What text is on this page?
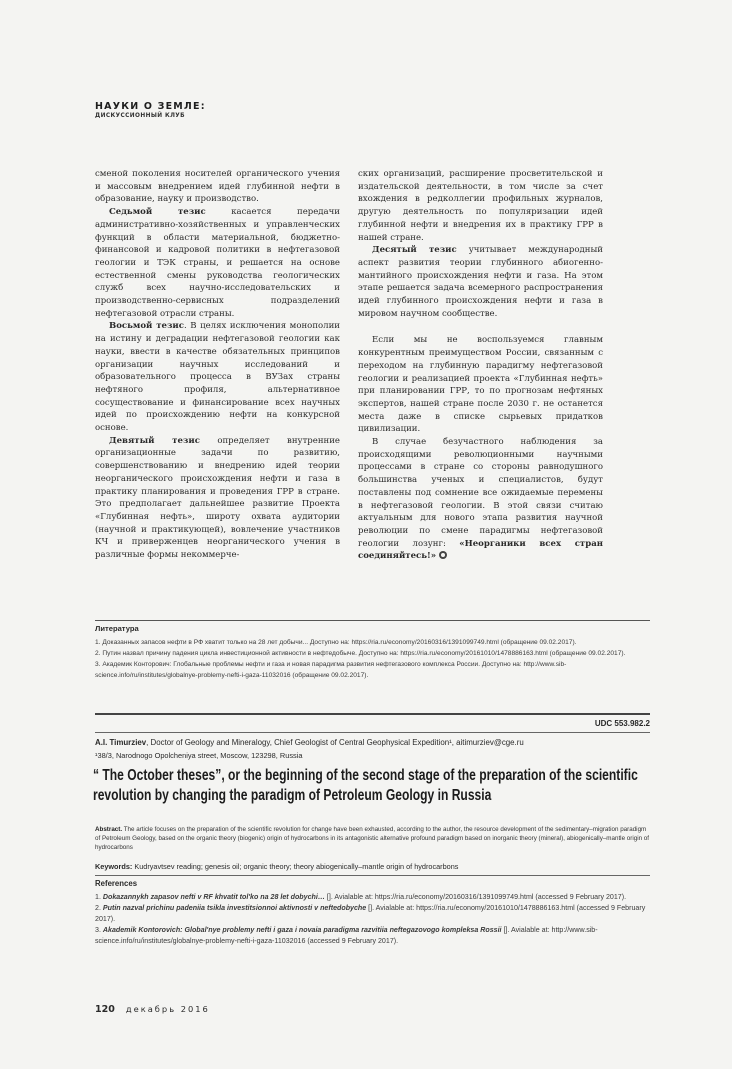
НАУКИ О ЗЕМЛЕ:
ДИСКУССИОННЫЙ КЛУБ

сменой поколения носителей органического учения и массовым внедрением идей глубинной нефти в образование, науку и производство.

Седьмой тезис касается передачи административно-хозяйственных и управленческих функций в области материальной, бюджетно-финансовой и кадровой политики в нефтегазовой геологии и ТЭК страны, и решается на основе естественной смены руководства геологических служб всех научно-исследовательских и производственно-сервисных подразделений нефтегазовой отрасли страны.

Восьмой тезис. В целях исключения монополии на истину и деградации нефтегазовой геологии как науки, ввести в качестве обязательных принципов организации научных исследований и образовательного процесса в ВУЗах страны нефтяного профиля, альтернативное сосуществование и финансирование всех научных идей по происхождению нефти на конкурсной основе.

Девятый тезис определяет внутренние организационные задачи по развитию, совершенствованию и внедрению идей теории неорганического происхождения нефти и газа в практику планирования и проведения ГРР в стране. Это предполагает дальнейшее развитие Проекта «Глубинная нефть», широту охвата аудитории (научной и практикующей), вовлечение участников КЧ и приверженцев неорганического учения в различные формы некоммерче-

ских организаций, расширение просветительской и издательской деятельности, в том числе за счет вхождения в редколлегии профильных журналов, другую деятельность по популяризации идей глубинной нефти и внедрения их в практику ГРР в нашей стране.

Десятый тезис учитывает международный аспект развития теории глубинного абиогенно-мантийного происхождения нефти и газа. На этом этапе решается задача всемерного распространения идей глубинного происхождения нефти и газа в мировом научном сообществе.

Если мы не воспользуемся главным конкурентным преимуществом России, связанным с переходом на глубинную парадигму нефтегазовой геологии и реализацией проекта «Глубинная нефть» при планировании ГРР, то по прогнозам нефтяных экспертов, нашей стране после 2030 г. не останется места даже в списке сырьевых придатков цивилизации.

В случае безучастного наблюдения за происходящими революционными научными процессами в стране со стороны равнодушного большинства ученых и специалистов, будут поставлены под сомнение все ожидаемые перемены в нефтегазовой геологии. В этой связи считаю актуальным для нового этапа развития научной революции по смене парадигмы нефтегазовой геологии лозунг: «Неорганики всех стран соединяйтесь!»

Литература
1. Доказанных запасов нефти в РФ хватит только на 28 лет добычи... Доступно на: https://ria.ru/economy/20160316/1391099749.html (обращение 09.02.2017).
2. Путин назвал причину падения цикла инвестиционной активности в нефтедобыче. Доступно на: https://ria.ru/economy/20161010/1478886163.html (обращение 09.02.2017).
3. Академик Конторович: Глобальные проблемы нефти и газа и новая парадигма развития нефтегазового комплекса России. Доступно на: http://www.sib-science.info/ru/institutes/globalnye-problemy-nefti-i-gaza-11032016 (обращение 09.02.2017).
UDC 553.982.2
A.I. Timurziev, Doctor of Geology and Mineralogy, Chief Geologist of Central Geophysical Expedition¹, aitimurziev@cge.ru
¹38/3, Narodnogo Opolcheniya street, Moscow, 123298, Russia
“ The October theses”, or the beginning of the second stage of the preparation of the scientific revolution by changing the paradigm of Petroleum Geology in Russia
Abstract. The article focuses on the preparation of the scientific revolution for change have been exhausted, according to the author, the resource development of the sedimentary–migration paradigm of Petroleum Geology, based on the organic theory (biogenic) origin of hydrocarbons in its antagonistic alternative profound paradigm based on inorganic theory (mineral), abiogenically–mantle origin of hydrocarbons
Keywords: Kudryavtsev reading; genesis oil; organic theory; theory abiogenically–mantle origin of hydrocarbons
References
1. Dokazannykh zapasov nefti v RF khvatit tol'ko na 28 let dobychi… []. Avialable at: https://ria.ru/economy/20160316/1391099749.html (accessed 9 February 2017).
2. Putin nazval prichinu padeniia tsikla investitsionnoi aktivnosti v neftedobyche []. Avialable at: https://ria.ru/economy/20161010/1478886163.html (accessed 9 February 2017).
3. Akademik Kontorovich: Global'nye problemy nefti i gaza i novaia paradigma razvitiia neftegazovogo kompleksa Rossii []. Avialable at: http://www.sib-science.info/ru/institutes/globalnye-problemy-nefti-i-gaza-11032016 (accessed 9 February 2017).
120 декабрь 2016
